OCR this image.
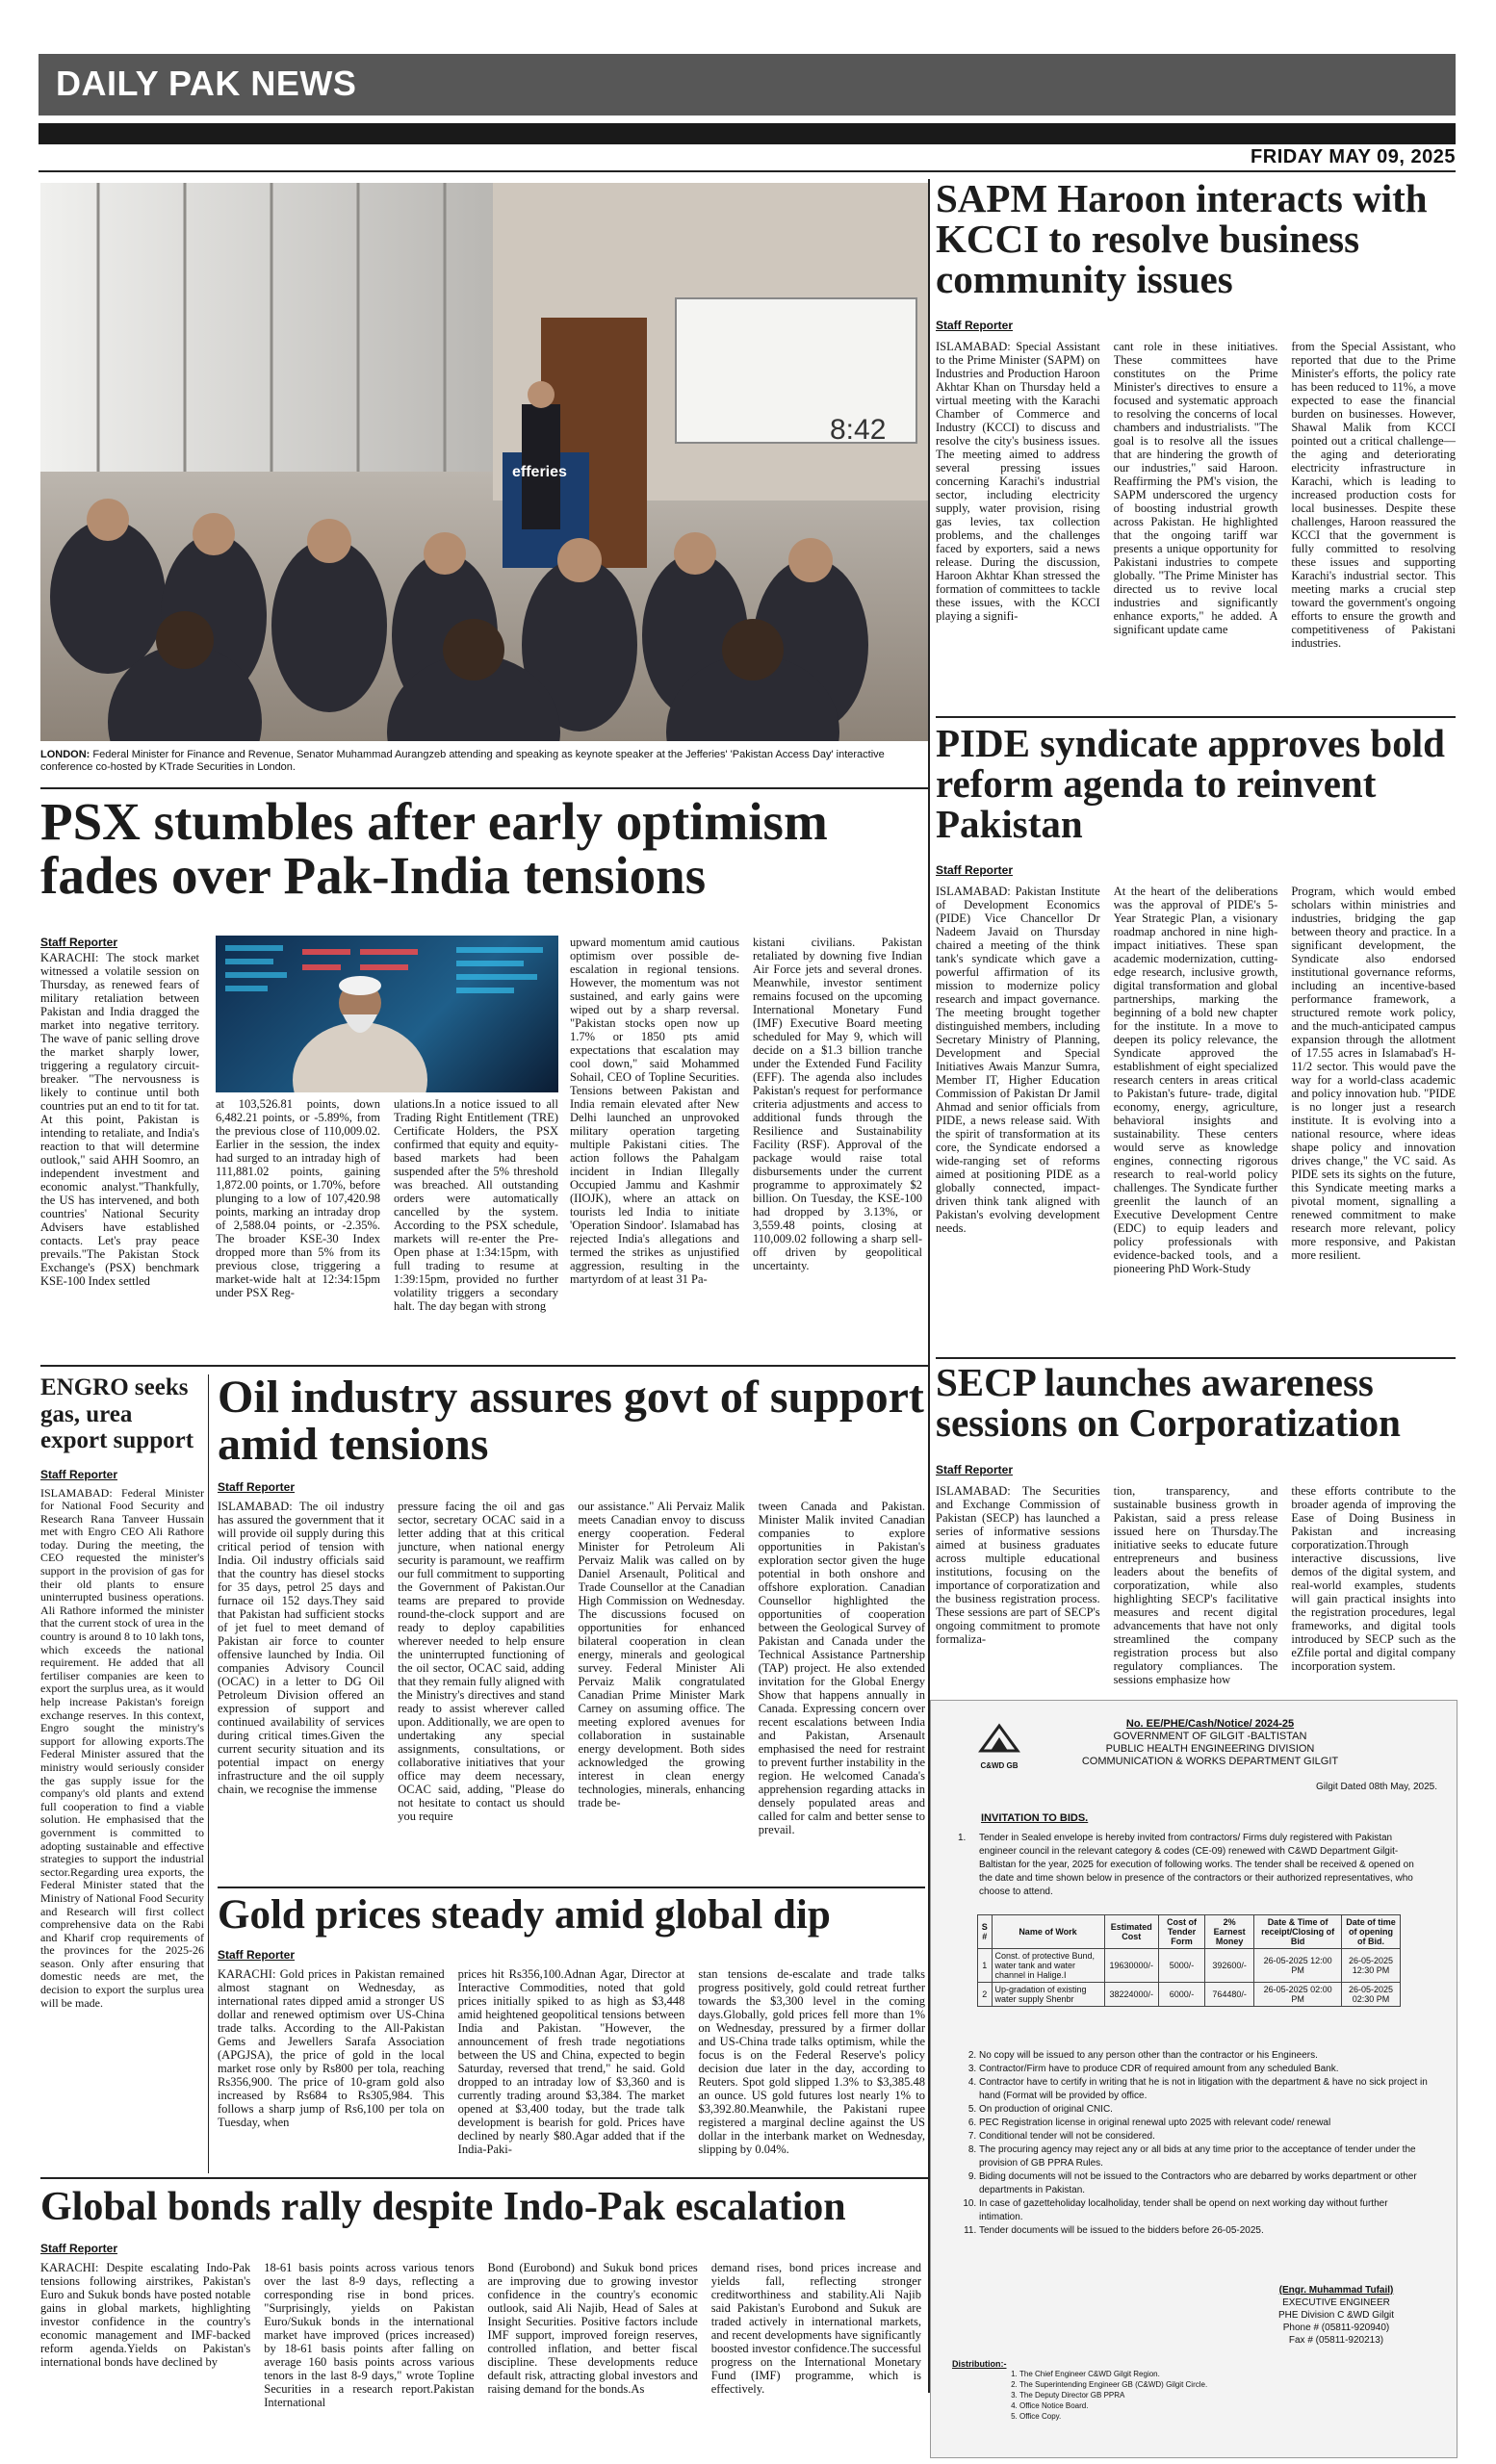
DAILY PAK NEWS
FRIDAY MAY 09, 2025
8:42
efferies
LONDON: Federal Minister for Finance and Revenue, Senator Muhammad Aurangzeb attending and speaking as keynote speaker at the Jefferies' 'Pakistan Access Day' interactive conference co-hosted by KTrade Securities in London.
SAPM Haroon interacts with KCCI to resolve business community issues
Staff Reporter

ISLAMABAD: Special Assistant to the Prime Minister (SAPM) on Industries and Production Haroon Akhtar Khan on Thursday held a virtual meeting with the Karachi Chamber of Commerce and Industry (KCCI) to discuss and resolve the city's business issues. The meeting aimed to address several pressing issues concerning Karachi's industrial sector, including electricity supply, water provision, rising gas levies, tax collection problems, and the challenges faced by exporters, said a news release. During the discussion, Haroon Akhtar Khan stressed the formation of committees to tackle these issues, with the KCCI playing a signifi-

cant role in these initiatives. These committees have constitutes on the Prime Minister's directives to ensure a focused and systematic approach to resolving the concerns of local chambers and industrialists. "The goal is to resolve all the issues that are hindering the growth of our industries," said Haroon. Reaffirming the PM's vision, the SAPM underscored the urgency of boosting industrial growth across Pakistan. He highlighted that the ongoing tariff war presents a unique opportunity for Pakistani industries to compete globally. "The Prime Minister has directed us to revive local industries and significantly enhance exports," he added. A significant update came

from the Special Assistant, who reported that due to the Prime Minister's efforts, the policy rate has been reduced to 11%, a move expected to ease the financial burden on businesses. However, Shawal Malik from KCCI pointed out a critical challenge—the aging and deteriorating electricity infrastructure in Karachi, which is leading to increased production costs for local businesses. Despite these challenges, Haroon reassured the KCCI that the government is fully committed to resolving these issues and supporting Karachi's industrial sector. This meeting marks a crucial step toward the government's ongoing efforts to ensure the growth and competitiveness of Pakistani industries.

PIDE syndicate approves bold reform agenda to reinvent Pakistan
Staff Reporter

ISLAMABAD: Pakistan Institute of Development Economics (PIDE) Vice Chancellor Dr Nadeem Javaid on Thursday chaired a meeting of the think tank's syndicate which gave a powerful affirmation of its mission to modernize policy research and impact governance. The meeting brought together distinguished members, including Secretary Ministry of Planning, Development and Special Initiatives Awais Manzur Sumra, Member IT, Higher Education Commission of Pakistan Dr Jamil Ahmad and senior officials from PIDE, a news release said. With the spirit of transformation at its core, the Syndicate endorsed a wide-ranging set of reforms aimed at positioning PIDE as a globally connected, impact-driven think tank aligned with Pakistan's evolving development needs.

At the heart of the deliberations was the approval of PIDE's 5-Year Strategic Plan, a visionary roadmap anchored in nine high-impact initiatives. These span academic modernization, cutting-edge research, inclusive growth, digital transformation and global partnerships, marking the beginning of a bold new chapter for the institute. In a move to deepen its policy relevance, the Syndicate approved the establishment of eight specialized research centers in areas critical to Pakistan's future- trade, digital economy, energy, agriculture, behavioral insights and sustainability. These centers would serve as knowledge engines, connecting rigorous research to real-world policy challenges. The Syndicate further greenlit the launch of an Executive Development Centre (EDC) to equip leaders and policy professionals with evidence-backed tools, and a pioneering PhD Work-Study

Program, which would embed scholars within ministries and industries, bridging the gap between theory and practice. In a significant development, the Syndicate also endorsed institutional governance reforms, including an incentive-based performance framework, a structured remote work policy, and the much-anticipated campus expansion through the allotment of 17.55 acres in Islamabad's H-11/2 sector. This would pave the way for a world-class academic and policy innovation hub. "PIDE is no longer just a research institute. It is evolving into a national resource, where ideas shape policy and innovation drives change," the VC said. As PIDE sets its sights on the future, this Syndicate meeting marks a pivotal moment, signalling a renewed commitment to make research more relevant, policy more responsive, and Pakistan more resilient.

PSX stumbles after early optimism fades over Pak-India tensions
Staff Reporter

KARACHI: The stock market witnessed a volatile session on Thursday, as renewed fears of military retaliation between Pakistan and India dragged the market into negative territory. The wave of panic selling drove the market sharply lower, triggering a regulatory circuit-breaker. "The nervousness is likely to continue until both countries put an end to tit for tat. At this point, Pakistan is intending to retaliate, and India's reaction to that will determine outlook," said AHH Soomro, an independent investment and economic analyst."Thankfully, the US has intervened, and both countries' National Security Advisers have established contacts. Let's pray peace prevails."The Pakistan Stock Exchange's (PSX) benchmark KSE-100 Index settled

at 103,526.81 points, down 6,482.21 points, or -5.89%, from the previous close of 110,009.02. Earlier in the session, the index had surged to an intraday high of 111,881.02 points, gaining 1,872.00 points, or 1.70%, before plunging to a low of 107,420.98 points, marking an intraday drop of 2,588.04 points, or -2.35%. The broader KSE-30 Index dropped more than 5% from its previous close, triggering a market-wide halt at 12:34:15pm under PSX Reg-

ulations.In a notice issued to all Trading Right Entitlement (TRE) Certificate Holders, the PSX confirmed that equity and equity-based markets had been suspended after the 5% threshold was breached. All outstanding orders were automatically cancelled by the system. According to the PSX schedule, markets will re-enter the Pre-Open phase at 1:34:15pm, with full trading to resume at 1:39:15pm, provided no further volatility triggers a secondary halt. The day began with strong

upward momentum amid cautious optimism over possible de-escalation in regional tensions. However, the momentum was not sustained, and early gains were wiped out by a sharp reversal. "Pakistan stocks open now up 1.7% or 1850 pts amid expectations that escalation may cool down," said Mohammed Sohail, CEO of Topline Securities. Tensions between Pakistan and India remain elevated after New Delhi launched an unprovoked military operation targeting multiple Pakistani cities. The action follows the Pahalgam incident in Indian Illegally Occupied Jammu and Kashmir (IIOJK), where an attack on tourists led India to initiate 'Operation Sindoor'. Islamabad has rejected India's allegations and termed the strikes as unjustified aggression, resulting in the martyrdom of at least 31 Pa-

kistani civilians. Pakistan retaliated by downing five Indian Air Force jets and several drones. Meanwhile, investor sentiment remains focused on the upcoming International Monetary Fund (IMF) Executive Board meeting scheduled for May 9, which will decide on a $1.3 billion tranche under the Extended Fund Facility (EFF). The agenda also includes Pakistan's request for performance criteria adjustments and access to additional funds through the Resilience and Sustainability Facility (RSF). Approval of the package would raise total disbursements under the current programme to approximately $2 billion. On Tuesday, the KSE-100 had dropped by 3.13%, or 3,559.48 points, closing at 110,009.02 following a sharp sell-off driven by geopolitical uncertainty.

ENGRO seeks gas, urea export support
Staff Reporter

ISLAMABAD: Federal Minister for National Food Security and Research Rana Tanveer Hussain met with Engro CEO Ali Rathore today. During the meeting, the CEO requested the minister's support in the provision of gas for their old plants to ensure uninterrupted business operations. Ali Rathore informed the minister that the current stock of urea in the country is around 8 to 10 lakh tons, which exceeds the national requirement. He added that all fertiliser companies are keen to export the surplus urea, as it would help increase Pakistan's foreign exchange reserves. In this context, Engro sought the ministry's support for allowing exports.The Federal Minister assured that the ministry would seriously consider the gas supply issue for the company's old plants and extend full cooperation to find a viable solution. He emphasised that the government is committed to adopting sustainable and effective strategies to support the industrial sector.Regarding urea exports, the Federal Minister stated that the Ministry of National Food Security and Research will first collect comprehensive data on the Rabi and Kharif crop requirements of the provinces for the 2025-26 season. Only after ensuring that domestic needs are met, the decision to export the surplus urea will be made.

Oil industry assures govt of support amid tensions
Staff Reporter

ISLAMABAD: The oil industry has assured the government that it will provide oil supply during this critical period of tension with India. Oil industry officials said that the country has diesel stocks for 35 days, petrol 25 days and furnace oil 152 days.They said that Pakistan had sufficient stocks of jet fuel to meet demand of Pakistan air force to counter offensive launched by India. Oil companies Advisory Council (OCAC) in a letter to DG Oil Petroleum Division offered an expression of support and continued availability of services during critical times.Given the current security situation and its potential impact on energy infrastructure and the oil supply chain, we recognise the immense

pressure facing the oil and gas sector, secretary OCAC said in a letter adding that at this critical juncture, when national energy security is paramount, we reaffirm our full commitment to supporting the Government of Pakistan.Our teams are prepared to provide round-the-clock support and are ready to deploy capabilities wherever needed to help ensure the uninterrupted functioning of the oil sector, OCAC said, adding that they remain fully aligned with the Ministry's directives and stand ready to assist wherever called upon. Additionally, we are open to undertaking any special assignments, consultations, or collaborative initiatives that your office may deem necessary, OCAC said, adding, "Please do not hesitate to contact us should you require

our assistance." Ali Pervaiz Malik meets Canadian envoy to discuss energy cooperation. Federal Minister for Petroleum Ali Pervaiz Malik was called on by Daniel Arsenault, Political and Trade Counsellor at the Canadian High Commission on Wednesday. The discussions focused on opportunities for enhanced bilateral cooperation in clean energy, minerals and geological survey. Federal Minister Ali Pervaiz Malik congratulated Canadian Prime Minister Mark Carney on assuming office. The meeting explored avenues for collaboration in sustainable energy development. Both sides acknowledged the growing interest in clean energy technologies, minerals, enhancing trade be-

tween Canada and Pakistan. Minister Malik invited Canadian companies to explore opportunities in Pakistan's exploration sector given the huge potential in both onshore and offshore exploration. Canadian Counsellor highlighted the opportunities of cooperation between the Geological Survey of Pakistan and Canada under the Technical Assistance Partnership (TAP) project. He also extended invitation for the Global Energy Show that happens annually in Canada. Expressing concern over recent escalations between India and Pakistan, Arsenault emphasised the need for restraint to prevent further instability in the region. He welcomed Canada's apprehension regarding attacks in densely populated areas and called for calm and better sense to prevail.

Gold prices steady amid global dip
Staff Reporter

KARACHI: Gold prices in Pakistan remained almost stagnant on Wednesday, as international rates dipped amid a stronger US dollar and renewed optimism over US-China trade talks. According to the All-Pakistan Gems and Jewellers Sarafa Association (APGJSA), the price of gold in the local market rose only by Rs800 per tola, reaching Rs356,900. The price of 10-gram gold also increased by Rs684 to Rs305,984. This follows a sharp jump of Rs6,100 per tola on Tuesday, when

prices hit Rs356,100.Adnan Agar, Director at Interactive Commodities, noted that gold prices initially spiked to as high as $3,448 amid heightened geopolitical tensions between India and Pakistan. "However, the announcement of fresh trade negotiations between the US and China, expected to begin Saturday, reversed that trend," he said. Gold dropped to an intraday low of $3,360 and is currently trading around $3,384. The market opened at $3,400 today, but the trade talk development is bearish for gold. Prices have declined by nearly $80.Agar added that if the India-Paki-

stan tensions de-escalate and trade talks progress positively, gold could retreat further towards the $3,300 level in the coming days.Globally, gold prices fell more than 1% on Wednesday, pressured by a firmer dollar and US-China trade talks optimism, while the focus is on the Federal Reserve's policy decision due later in the day, according to Reuters. Spot gold slipped 1.3% to $3,385.48 an ounce. US gold futures lost nearly 1% to $3,392.80.Meanwhile, the Pakistani rupee registered a marginal decline against the US dollar in the interbank market on Wednesday, slipping by 0.04%.

Global bonds rally despite Indo-Pak escalation
Staff Reporter

KARACHI: Despite escalating Indo-Pak tensions following airstrikes, Pakistan's Euro and Sukuk bonds have posted notable gains in global markets, highlighting investor confidence in the country's economic management and IMF-backed reform agenda.Yields on Pakistan's international bonds have declined by

18-61 basis points across various tenors over the last 8-9 days, reflecting a corresponding rise in bond prices. "Surprisingly, yields on Pakistan Euro/Sukuk bonds in the international market have improved (prices increased) by 18-61 basis points after falling on average 160 basis points across various tenors in the last 8-9 days," wrote Topline Securities in a research report.Pakistan International

Bond (Eurobond) and Sukuk bond prices are improving due to growing investor confidence in the country's economic outlook, said Ali Najib, Head of Sales at Insight Securities. Positive factors include IMF support, improved foreign reserves, controlled inflation, and better fiscal discipline. These developments reduce default risk, attracting global investors and raising demand for the bonds.As

demand rises, bond prices increase and yields fall, reflecting stronger creditworthiness and stability.Ali Najib said Pakistan's Eurobond and Sukuk are traded actively in international markets, and recent developments have significantly boosted investor confidence.The successful progress on the International Monetary Fund (IMF) programme, which is effectively.

SECP launches awareness sessions on Corporatization
Staff Reporter

ISLAMABAD: The Securities and Exchange Commission of Pakistan (SECP) has launched a series of informative sessions aimed at business graduates across multiple educational institutions, focusing on the importance of corporatization and the business registration process. These sessions are part of SECP's ongoing commitment to promote formaliza-

tion, transparency, and sustainable business growth in Pakistan, said a press release issued here on Thursday.The initiative seeks to educate future entrepreneurs and business leaders about the benefits of corporatization, while also highlighting SECP's facilitative measures and recent digital advancements that have not only streamlined the company registration process but also regulatory compliances. The sessions emphasize how

these efforts contribute to the broader agenda of improving the Ease of Doing Business in Pakistan and increasing corporatization.Through interactive discussions, live demos of the digital system, and real-world examples, students will gain practical insights into the registration procedures, legal frameworks, and digital tools introduced by SECP such as the eZfile portal and digital company incorporation system.

C&WD GB
No. EE/PHE/Cash/Notice/ 2024-25
GOVERNMENT OF GILGIT -BALTISTAN
PUBLIC HEALTH ENGINEERING DIVISION
COMMUNICATION & WORKS DEPARTMENT GILGIT
Gilgit Dated 08th May, 2025.
INVITATION TO BIDS.
1. Tender in Sealed envelope is hereby invited from contractors/ Firms duly registered with Pakistan engineer council in the relevant category & codes (CE-09) renewed with C&WD Department Gilgit- Baltistan for the year, 2025 for execution of following works. The tender shall be received & opened on the date and time shown below in presence of the contractors or their authorized representatives, who choose to attend.
S #	Name of Work	Estimated Cost	Cost of Tender Form	2% Earnest Money	Date & Time of receipt/Closing of Bid	Date of time of opening of Bid.
1	Const. of protective Bund, water tank and water channel in Halige.I	19630000/-	5000/-	392600/-	26-05-2025 12:00 PM	26-05-2025 12:30 PM
2	Up-gradation of existing water supply Shenbr	38224000/-	6000/-	764480/-	26-05-2025 02:00 PM	26-05-2025 02:30 PM
2. No copy will be issued to any person other than the contractor or his Engineers.
3. Contractor/Firm have to produce CDR of required amount from any scheduled Bank.
4. Contractor have to certify in writing that he is not in litigation with the department & have no sick project in hand (Format will be provided by office.
5. On production of original CNIC.
6. PEC Registration license in original renewal upto 2025 with relevant code/ renewal
7. Conditional tender will not be considered.
8. The procuring agency may reject any or all bids at any time prior to the acceptance of tender under the provision of GB PPRA Rules.
9. Biding documents will not be issued to the Contractors who are debarred by works department or other departments in Pakistan.
10. In case of gazetteholiday localholiday, tender shall be opend on next working day without further intimation.
11. Tender documents will be issued to the bidders before 26-05-2025.
(Engr. Muhammad Tufail)
EXECUTIVE ENGINEER
PHE Division C &WD Gilgit
Phone # (05811-920940)
Fax # (05811-920213)
Distribution:-
1. The Chief Engineer C&WD Gilgit Region.
2. The Superintending Engineer GB (C&WD) Gilgit Circle.
3. The Deputy Director GB PPRA
4. Office Notice Board.
5. Office Copy.
